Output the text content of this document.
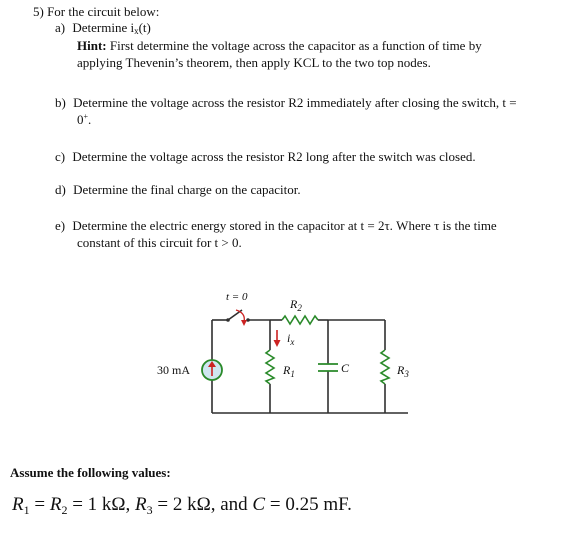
5) For the circuit below:
a) Determine ix(t)
Hint: First determine the voltage across the capacitor as a function of time by
applying Thevenin’s theorem, then apply KCL to the two top nodes.
b) Determine the voltage across the resistor R2 immediately after closing the switch, t =
0+.
c) Determine the voltage across the resistor R2 long after the switch was closed.
d) Determine the final charge on the capacitor.
e) Determine the electric energy stored in the capacitor at t = 2τ. Where τ is the time
constant of this circuit for t > 0.
30 mA
t = 0	$R_2$
$i_x$
$R_1$	C	$R_3$
Assume the following values:
$R_1 = R_2 = 1$ kΩ, $R_3 = 2$ kΩ, and C = 0.25 mF.
